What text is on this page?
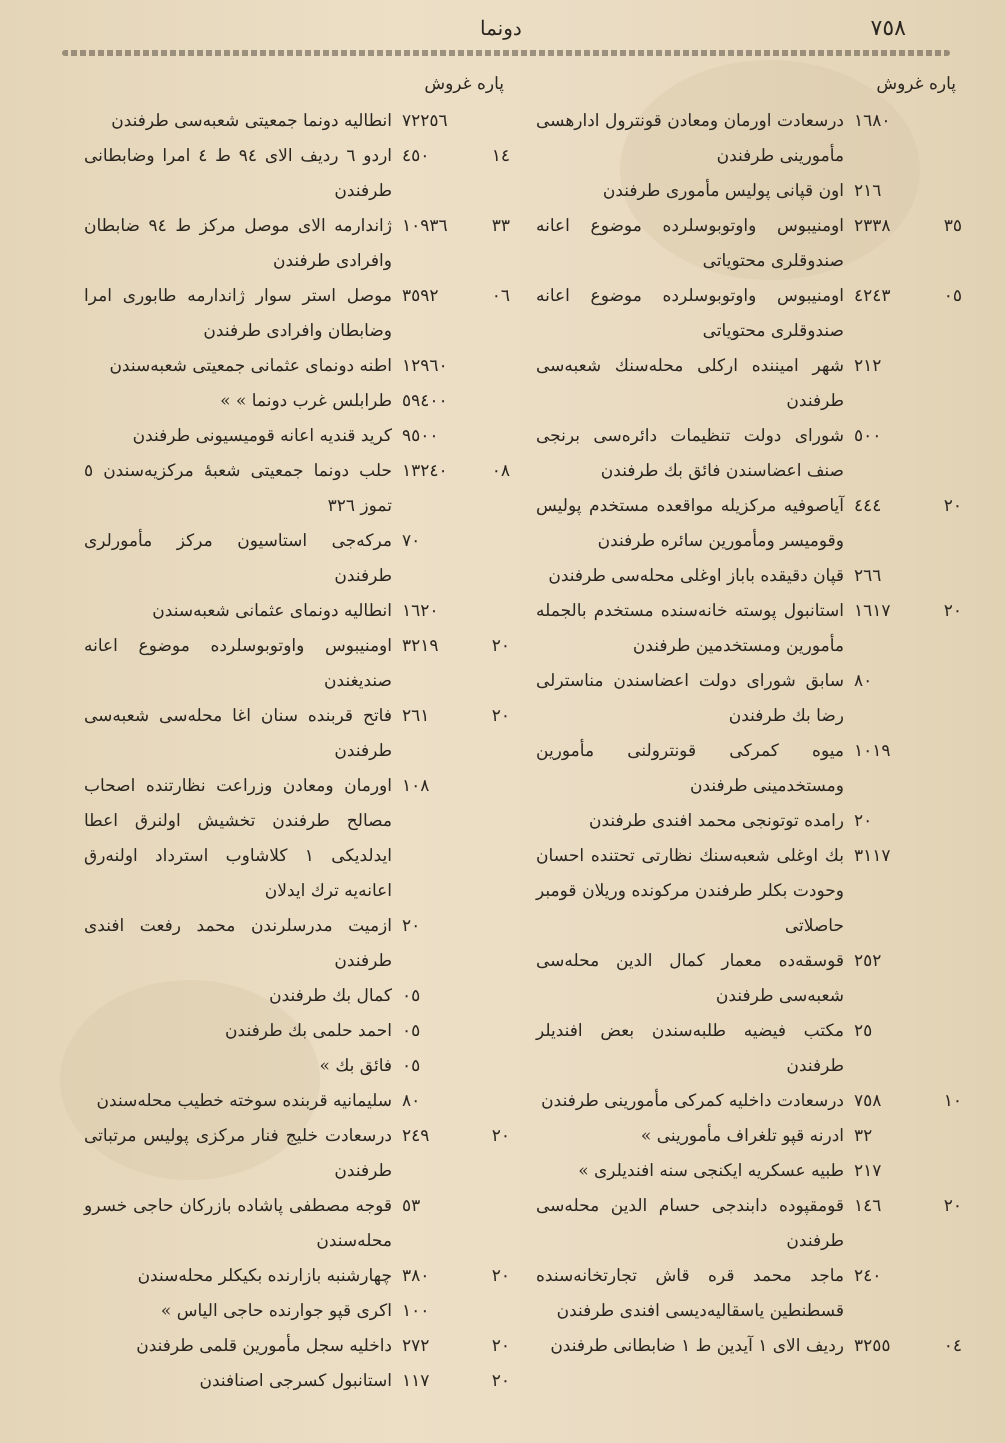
٧٥٨
دونما
پاره غروش
١٦٨٠
درسعادت اورمان ومعادن قونترول ادارهسی مأمورینی طرفندن
٢١٦
اون قپانی پولیس مأموری طرفندن
٣٥
٢٣٣٨
اومنیبوس واوتوبوسلرده موضوع اعانه صندوقلری محتویاتی
٠٥
٤٢٤٣
اومنیبوس واوتوبوسلرده موضوع اعانه صندوقلری محتویاتی
٢١٢
شهر امیننده ارکلی محله‌سنك شعبه‌سی طرفندن
٥٠٠
شورای دولت تنظیمات دائره‌سی برنجی صنف اعضاسندن فائق بك طرفندن
٢٠
٤٤٤
آیاصوفیه مرکزیله مواقعده مستخدم پولیس وقومیسر ومأمورین سائره طرفندن
٢٦٦
قپان دقیقده باباز اوغلی محله‌سی طرفندن
٢٠
١٦١٧
استانبول پوسته خانه‌سنده مستخدم بالجمله مأمورین ومستخدمین طرفندن
٨٠
سابق شورای دولت اعضاسندن مناسترلی رضا بك طرفندن
١٠١٩
میوه کمرکی قونترولنی مأمورین ومستخدمینی طرفندن
٢٠
رامده توتونجی محمد افندی طرفندن
٣١١٧
بك اوغلی شعبه‌سنك نظارتی تحتنده احسان وحودت بکلر طرفندن مرکونده وریلان قومبر حاصلاتی
٢٥٢
قوسقه‌ده معمار کمال الدین محله‌سی شعبه‌سی طرفندن
٢٥
مکتب فیضیه طلبه‌سندن بعض افندیلر طرفندن
١٠
٧٥٨
درسعادت داخلیه کمرکی مأمورینی طرفندن
٣٢
ادرنه قپو تلغراف مأمورینی »
٢١٧
طبیه عسکریه ایکنجی سنه افندیلری »
٢٠
١٤٦
قومقپوده دابندجی حسام الدین محله‌سی طرفندن
٢٤٠
ماجد محمد قره قاش تجارتخانه‌سنده قسطنطین یاسقالیه‌دیسی افندی طرفندن
٠٤
٣٢٥٥
ردیف الای ١ آیدین ط ١ ضابطانی طرفندن
پاره غروش
٧٢٢٥٦
انطالیه دونما جمعیتی شعبه‌سی طرفندن
١٤
٤٥٠
اردو ٦ ردیف الای ٩٤ ط ٤ امرا وضابطانی طرفندن
٣٣
١٠٩٣٦
ژاندارمه الای موصل مرکز ط ٩٤ ضابطان وافرادی طرفندن
٠٦
٣٥٩٢
موصل استر سوار ژاندارمه طابوری امرا وضابطان وافرادی طرفندن
١٢٩٦٠
اطنه دونمای عثمانی جمعیتی شعبه‌سندن
٥٩٤٠٠
طرابلس غرب دونما » »
٩٥٠٠
کرید قندیه اعانه قومیسیونی طرفندن
٠٨
١٣٢٤٠
حلب دونما جمعیتی شعبهٔ مرکزیه‌سندن ٥ تموز ٣٢٦
٧٠
مرکه‌جی استاسیون مرکز مأمورلری طرفندن
١٦٢٠
انطالیه دونمای عثمانی شعبه‌سندن
٢٠
٣٢١٩
اومنیبوس واوتوبوسلرده موضوع اعانه صندیغندن
٢٠
٢٦١
فاتح قربنده سنان اغا محله‌سی شعبه‌سی طرفندن
١٠٨
اورمان ومعادن وزراعت نظارتنده اصحاب مصالح طرفندن تخشیش اولنرق اعطا ایدلدیکی ١ کلاشاوب استرداد اولنه‌رق اعانه‌یه ترك ایدلان
٢٠
ازمیت مدرسلرندن محمد رفعت افندی طرفندن
٠٥
کمال بك طرفندن
٠٥
احمد حلمی بك طرفندن
٠٥
فائق بك »
٨٠
سلیمانیه قربنده سوخته خطیب محله‌سندن
٢٠
٢٤٩
درسعادت خلیج فنار مرکزی پولیس مرتباتی طرفندن
٥٣
قوجه مصطفی پاشاده بازرکان حاجی خسرو محله‌سندن
٢٠
٣٨٠
چهارشنبه بازارنده بکیکلر محله‌سندن
١٠٠
اکری قپو جوارنده حاجی الیاس »
٢٠
٢٧٢
داخلیه سجل مأمورین قلمی طرفندن
٢٠
١١٧
استانبول کسرجی اصنافندن
